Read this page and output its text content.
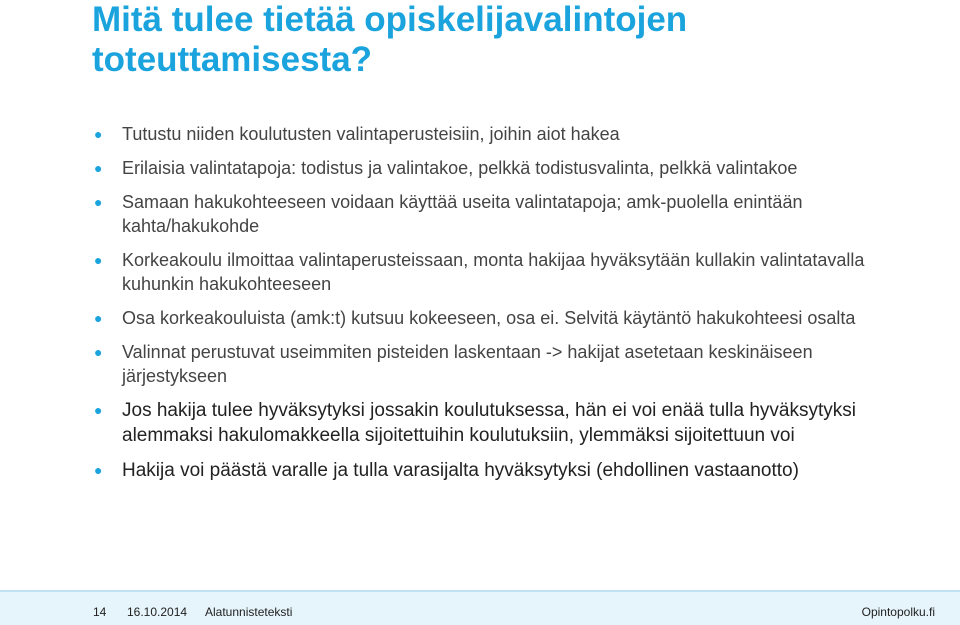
Mitä tulee tietää opiskelijavalintojen toteuttamisesta?
● Tutustu niiden koulutusten valintaperusteisiin, joihin aiot hakea
● Erilaisia valintatapoja: todistus ja valintakoe, pelkkä todistusvalinta, pelkkä valintakoe
● Samaan hakukohteeseen voidaan käyttää useita valintatapoja; amk-puolella enintään kahta/hakukohde
● Korkeakoulu ilmoittaa valintaperusteissaan, monta hakijaa hyväksytään kullakin valintatavalla kuhunkin hakukohteeseen
● Osa korkeakouluista (amk:t) kutsuu kokeeseen, osa ei. Selvitä käytäntö hakukohteesi osalta
● Valinnat perustuvat useimmiten pisteiden laskentaan -> hakijat asetetaan keskinäiseen järjestykseen
● Jos hakija tulee hyväksytyksi jossakin koulutuksessa, hän ei voi enää tulla hyväksytyksi alemmaksi hakulomakkeella sijoitettuihin koulutuksiin, ylemmäksi sijoitettuun voi
● Hakija voi päästä varalle ja tulla varasijalta hyväksytyksi (ehdollinen vastaanotto)
14 16.10.2014 Alatunnisteteksti	Opintopolku.fi
